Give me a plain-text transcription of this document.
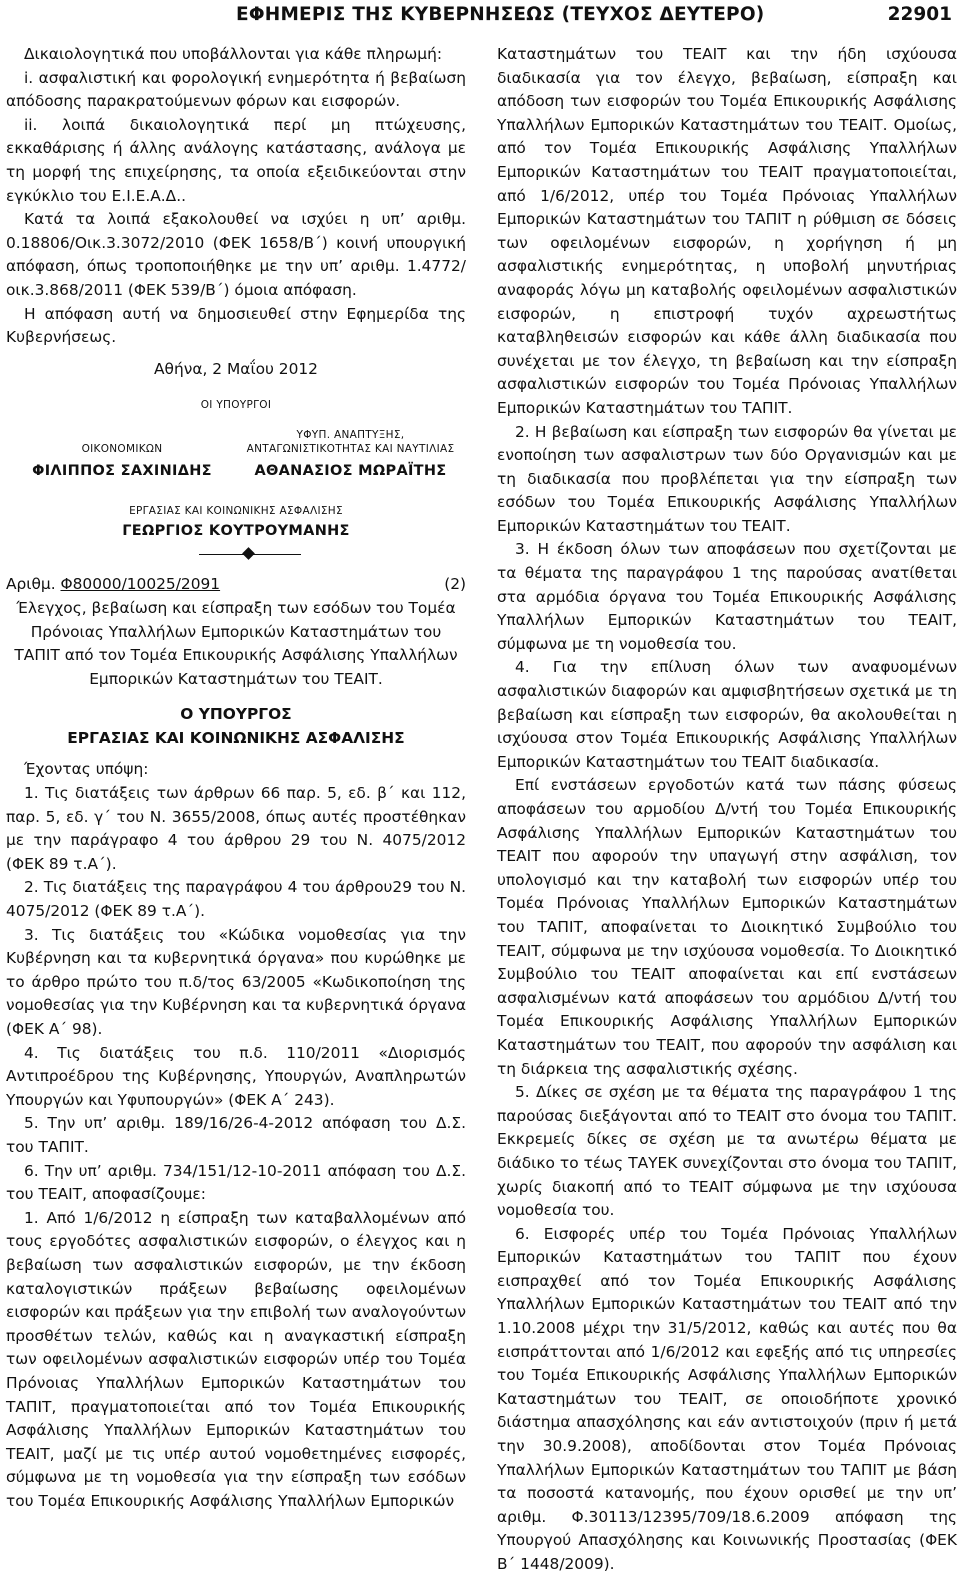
ΕΦΗΜΕΡΙΣ ΤΗΣ ΚΥΒΕΡΝΗΣΕΩΣ (ΤΕΥΧΟΣ ΔΕΥΤΕΡΟ)	22901

Δικαιολογητικά που υποβάλλονται για κάθε πληρωμή:

i. ασφαλιστική και φορολογική ενημερότητα ή βεβαίωση απόδοσης παρακρατούμενων φόρων και εισφορών.

ii. λοιπά δικαιολογητικά περί μη πτώχευσης, εκκαθάρισης ή άλλης ανάλογης κατάστασης, ανάλογα με τη μορφή της επιχείρησης, τα οποία εξειδικεύονται στην εγκύκλιο του Ε.Ι.Ε.Α.Δ..

Κατά τα λοιπά εξακολουθεί να ισχύει η υπ’ αριθμ. 0.18806/Οικ.3.3072/2010 (ΦΕΚ 1658/Β΄) κοινή υπουργική απόφαση, όπως τροποποιήθηκε με την υπ’ αριθμ. 1.4772/οικ.3.868/2011 (ΦΕΚ 539/Β΄) όμοια απόφαση.

Η απόφαση αυτή να δημοσιευθεί στην Εφημερίδα της Κυβερνήσεως.

Αθήνα, 2 Μαΐου 2012
ΟΙ ΥΠΟΥΡΓΟΙ
ΥΦΥΠ. ΑΝΑΠΤΥΞΗΣ,
ΑΝΤΑΓΩΝΙΣΤΙΚΟΤΗΤΑΣ ΚΑΙ ΝΑΥΤΙΛΙΑΣ
ΟΙΚΟΝΟΜΙΚΩΝ
ΦΙΛΙΠΠΟΣ ΣΑΧΙΝΙΔΗΣ	ΑΘΑΝΑΣΙΟΣ ΜΩΡΑΪΤΗΣ
ΕΡΓΑΣΙΑΣ ΚΑΙ ΚΟΙΝΩΝΙΚΗΣ ΑΣΦΑΛΙΣΗΣ
ΓΕΩΡΓΙΟΣ ΚΟΥΤΡΟΥΜΑΝΗΣ
Αριθμ. Φ80000/10025/2091	(2)

Έλεγχος, βεβαίωση και είσπραξη των εσόδων του Τομέα Πρόνοιας Υπαλλήλων Εμπορικών Καταστημάτων του ΤΑΠΙΤ από τον Τομέα Επικουρικής Ασφάλισης Υπαλλήλων Εμπορικών Καταστημάτων του ΤΕΑΙΤ.

Ο ΥΠΟΥΡΓΟΣ
ΕΡΓΑΣΙΑΣ ΚΑΙ ΚΟΙΝΩΝΙΚΗΣ ΑΣΦΑΛΙΣΗΣ

Έχοντας υπόψη:

1. Τις διατάξεις των άρθρων 66 παρ. 5, εδ. β΄ και 112, παρ. 5, εδ. γ΄ του Ν. 3655/2008, όπως αυτές προστέθηκαν με την παράγραφο 4 του άρθρου 29 του Ν. 4075/2012 (ΦΕΚ 89 τ.Α΄).

2. Τις διατάξεις της παραγράφου 4 του άρθρου29 του Ν. 4075/2012 (ΦΕΚ 89 τ.Α΄).

3. Τις διατάξεις του «Κώδικα νομοθεσίας για την Κυβέρνηση και τα κυβερνητικά όργανα» που κυρώθηκε με το άρθρο πρώτο του π.δ/τος 63/2005 «Κωδικοποίηση της νομοθεσίας για την Κυβέρνηση και τα κυβερνητικά όργανα (ΦΕΚ Α΄ 98).

4. Τις διατάξεις του π.δ. 110/2011 «Διορισμός Αντιπροέδρου της Κυβέρνησης, Υπουργών, Αναπληρωτών Υπουργών και Υφυπουργών» (ΦΕΚ Α΄ 243).

5. Την υπ’ αριθμ. 189/16/26-4-2012 απόφαση του Δ.Σ. του ΤΑΠΙΤ.

6. Την υπ’ αριθμ. 734/151/12-10-2011 απόφαση του Δ.Σ. του ΤΕΑΙΤ, αποφασίζουμε:

1. Από 1/6/2012 η είσπραξη των καταβαλλομένων από τους εργοδότες ασφαλιστικών εισφορών, ο έλεγχος και η βεβαίωση των ασφαλιστικών εισφορών, με την έκδοση καταλογιστικών πράξεων βεβαίωσης οφειλομένων εισφορών και πράξεων για την επιβολή των αναλογούντων προσθέτων τελών, καθώς και η αναγκαστική είσπραξη των οφειλομένων ασφαλιστικών εισφορών υπέρ του Τομέα Πρόνοιας Υπαλλήλων Εμπορικών Καταστημάτων του ΤΑΠΙΤ, πραγματοποιείται από τον Τομέα Επικουρικής Ασφάλισης Υπαλλήλων Εμπορικών Καταστημάτων του ΤΕΑΙΤ, μαζί με τις υπέρ αυτού νομοθετημένες εισφορές, σύμφωνα με τη νομοθεσία για την είσπραξη των εσόδων του Τομέα Επικουρικής Ασφάλισης Υπαλλήλων Εμπορικών

Καταστημάτων του ΤΕΑΙΤ και την ήδη ισχύουσα διαδικασία για τον έλεγχο, βεβαίωση, είσπραξη και απόδοση των εισφορών του Τομέα Επικουρικής Ασφάλισης Υπαλλήλων Εμπορικών Καταστημάτων του ΤΕΑΙΤ. Ομοίως, από τον Τομέα Επικουρικής Ασφάλισης Υπαλλήλων Εμπορικών Καταστημάτων του ΤΕΑΙΤ πραγματοποιείται, από 1/6/2012, υπέρ του Τομέα Πρόνοιας Υπαλλήλων Εμπορικών Καταστημάτων του ΤΑΠΙΤ η ρύθμιση σε δόσεις των οφειλομένων εισφορών, η χορήγηση ή μη ασφαλιστικής ενημερότητας, η υποβολή μηνυτήριας αναφοράς λόγω μη καταβολής οφειλομένων ασφαλιστικών εισφορών, η επιστροφή τυχόν αχρεωστήτως καταβληθεισών εισφορών και κάθε άλλη διαδικασία που συνέχεται με τον έλεγχο, τη βεβαίωση και την είσπραξη ασφαλιστικών εισφορών του Τομέα Πρόνοιας Υπαλλήλων Εμπορικών Καταστημάτων του ΤΑΠΙΤ.

2. Η βεβαίωση και είσπραξη των εισφορών θα γίνεται με ενοποίηση των ασφαλιστρων των δύο Οργανισμών και με τη διαδικασία που προβλέπεται για την είσπραξη των εσόδων του Τομέα Επικουρικής Ασφάλισης Υπαλλήλων Εμπορικών Καταστημάτων του ΤΕΑΙΤ.

3. Η έκδοση όλων των αποφάσεων που σχετίζονται με τα θέματα της παραγράφου 1 της παρούσας ανατίθεται στα αρμόδια όργανα του Τομέα Επικουρικής Ασφάλισης Υπαλλήλων Εμπορικών Καταστημάτων του ΤΕΑΙΤ, σύμφωνα με τη νομοθεσία του.

4. Για την επίλυση όλων των αναφυομένων ασφαλιστικών διαφορών και αμφισβητήσεων σχετικά με τη βεβαίωση και είσπραξη των εισφορών, θα ακολουθείται η ισχύουσα στον Τομέα Επικουρικής Ασφάλισης Υπαλλήλων Εμπορικών Καταστημάτων του ΤΕΑΙΤ διαδικασία.

Επί ενστάσεων εργοδοτών κατά των πάσης φύσεως αποφάσεων του αρμοδίου Δ/ντή του Τομέα Επικουρικής Ασφάλισης Υπαλλήλων Εμπορικών Καταστημάτων του ΤΕΑΙΤ που αφορούν την υπαγωγή στην ασφάλιση, τον υπολογισμό και την καταβολή των εισφορών υπέρ του Τομέα Πρόνοιας Υπαλλήλων Εμπορικών Καταστημάτων του ΤΑΠΙΤ, αποφαίνεται το Διοικητικό Συμβούλιο του ΤΕΑΙΤ, σύμφωνα με την ισχύουσα νομοθεσία. Το Διοικητικό Συμβούλιο του ΤΕΑΙΤ αποφαίνεται και επί ενστάσεων ασφαλισμένων κατά αποφάσεων του αρμόδιου Δ/ντή του Τομέα Επικουρικής Ασφάλισης Υπαλλήλων Εμπορικών Καταστημάτων του ΤΕΑΙΤ, που αφορούν την ασφάλιση και τη διάρκεια της ασφαλιστικής σχέσης.

5. Δίκες σε σχέση με τα θέματα της παραγράφου 1 της παρούσας διεξάγονται από το ΤΕΑΙΤ στο όνομα του ΤΑΠΙΤ. Εκκρεμείς δίκες σε σχέση με τα ανωτέρω θέματα με διάδικο το τέως ΤΑΥΕΚ συνεχίζονται στο όνομα του ΤΑΠΙΤ, χωρίς διακοπή από το ΤΕΑΙΤ σύμφωνα με την ισχύουσα νομοθεσία του.

6. Εισφορές υπέρ του Τομέα Πρόνοιας Υπαλλήλων Εμπορικών Καταστημάτων του ΤΑΠΙΤ που έχουν εισπραχθεί από τον Τομέα Επικουρικής Ασφάλισης Υπαλλήλων Εμπορικών Καταστημάτων του ΤΕΑΙΤ από την 1.10.2008 μέχρι την 31/5/2012, καθώς και αυτές που θα εισπράττονται από 1/6/2012 και εφεξής από τις υπηρεσίες του Τομέα Επικουρικής Ασφάλισης Υπαλλήλων Εμπορικών Καταστημάτων του ΤΕΑΙΤ, σε οποιοδήποτε χρονικό διάστημα απασχόλησης και εάν αντιστοιχούν (πριν ή μετά την 30.9.2008), αποδίδονται στον Τομέα Πρόνοιας Υπαλλήλων Εμπορικών Καταστημάτων του ΤΑΠΙΤ με βάση τα ποσοστά κατανομής, που έχουν ορισθεί με την υπ’ αριθμ. Φ.30113/12395/709/18.6.2009 απόφαση της Υπουργού Απασχόλησης και Κοινωνικής Προστασίας (ΦΕΚ Β΄ 1448/2009).
